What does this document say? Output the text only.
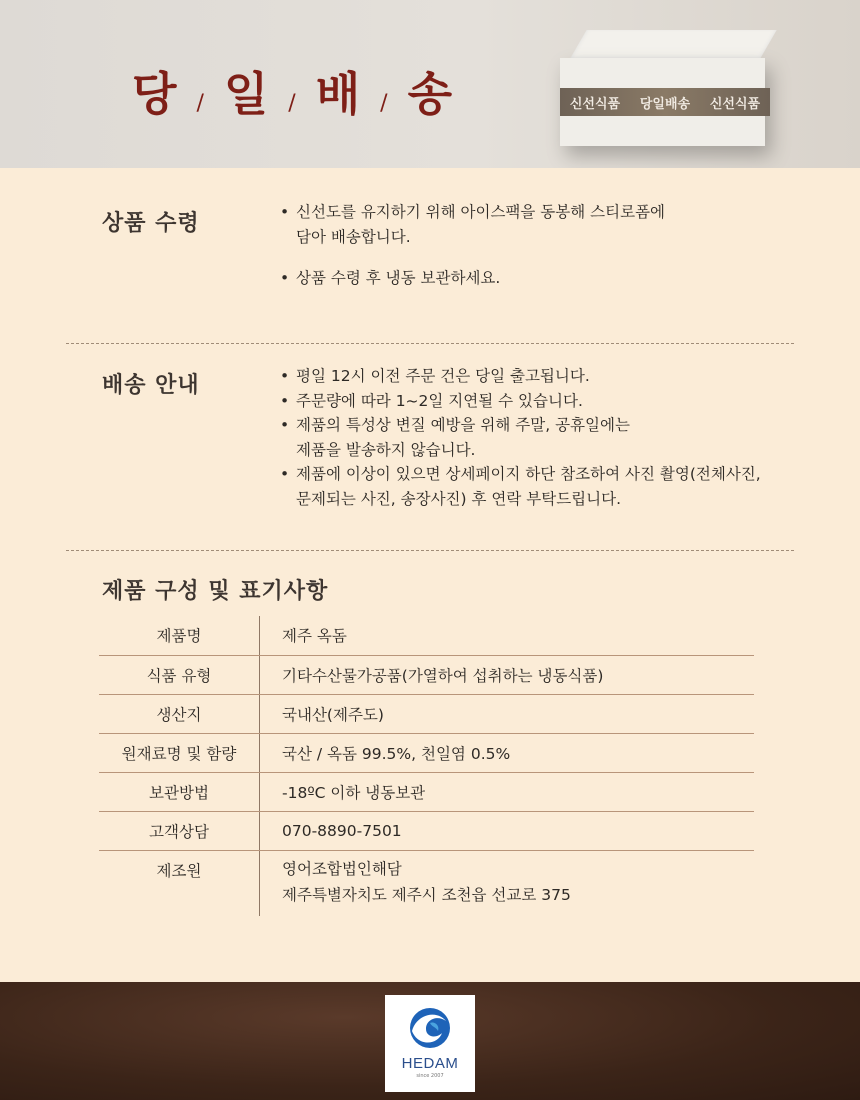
당 / 일 / 배 / 송	신선식품 당일배송 신선식품
상품 수령	• 신선도를 유지하기 위해 아이스팩을 동봉해 스티로폼에
담아 배송합니다.
• 상품 수령 후 냉동 보관하세요.
배송 안내	• 평일 12시 이전 주문 건은 당일 출고됩니다.
• 주문량에 따라 1~2일 지연될 수 있습니다.
• 제품의 특성상 변질 예방을 위해 주말, 공휴일에는
제품을 발송하지 않습니다.
• 제품에 이상이 있으면 상세페이지 하단 참조하여 사진 촬영(전체사진,
문제되는 사진, 송장사진) 후 연락 부탁드립니다.
제품 구성 및 표기사항
제품명	제주 옥돔
식품 유형	기타수산물가공품(가열하여 섭취하는 냉동식품)
생산지	국내산(제주도)
원재료명 및 함량	국산 / 옥돔 99.5%, 천일염 0.5%
보관방법	-18ºC 이하 냉동보관
고객상담	070-8890-7501
제조원	영어조합법인해담
제주특별자치도 제주시 조천읍 선교로 375
HEDAM
since 2007
